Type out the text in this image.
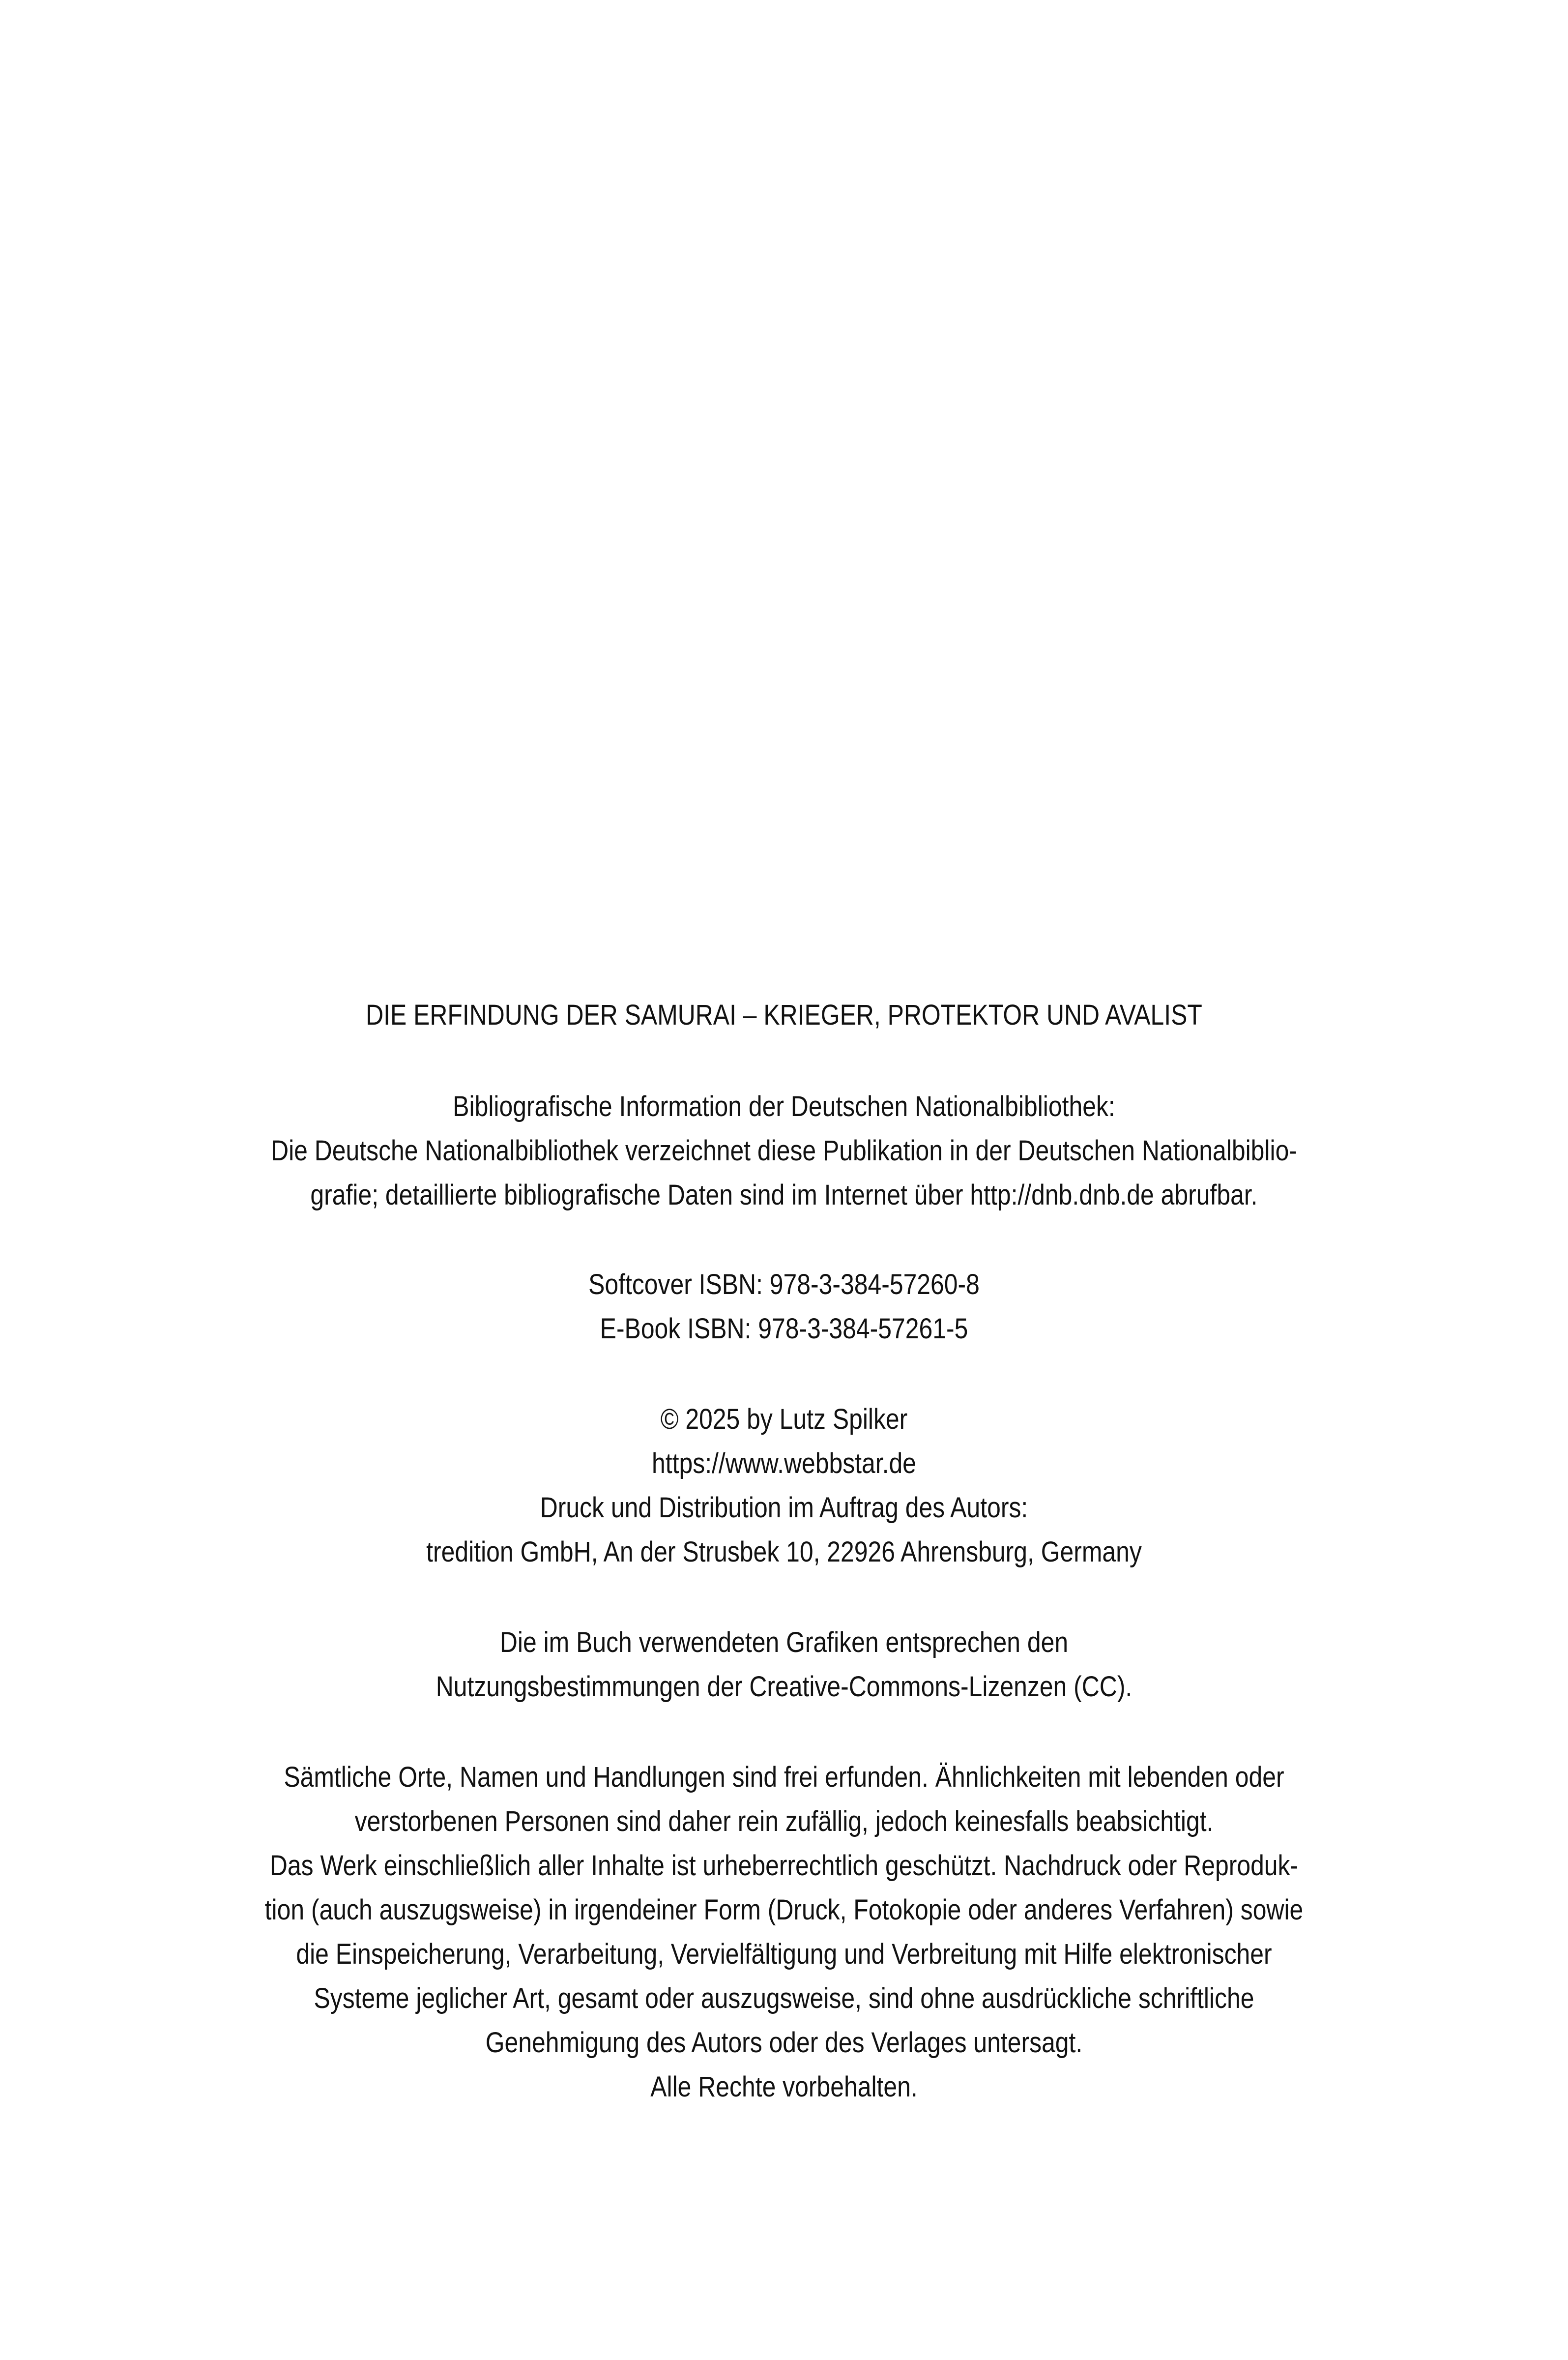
DIE ERFINDUNG DER SAMURAI – KRIEGER, PROTEKTOR UND AVALIST
Bibliografische Information der Deutschen Nationalbibliothek:
Die Deutsche Nationalbibliothek verzeichnet diese Publikation in der Deutschen Nationalbiblio-
grafie; detaillierte bibliografische Daten sind im Internet über http://dnb.dnb.de abrufbar.
Softcover ISBN: 978-3-384-57260-8
E-Book ISBN: 978-3-384-57261-5
© 2025 by Lutz Spilker
https://www.webbstar.de
Druck und Distribution im Auftrag des Autors:
tredition GmbH, An der Strusbek 10, 22926 Ahrensburg, Germany
Die im Buch verwendeten Grafiken entsprechen den
Nutzungsbestimmungen der Creative-Commons-Lizenzen (CC).
Sämtliche Orte, Namen und Handlungen sind frei erfunden. Ähnlichkeiten mit lebenden oder
verstorbenen Personen sind daher rein zufällig, jedoch keinesfalls beabsichtigt.
Das Werk einschließlich aller Inhalte ist urheberrechtlich geschützt. Nachdruck oder Reproduk-
tion (auch auszugsweise) in irgendeiner Form (Druck, Fotokopie oder anderes Verfahren) sowie
die Einspeicherung, Verarbeitung, Vervielfältigung und Verbreitung mit Hilfe elektronischer
Systeme jeglicher Art, gesamt oder auszugsweise, sind ohne ausdrückliche schriftliche
Genehmigung des Autors oder des Verlages untersagt.
Alle Rechte vorbehalten.
